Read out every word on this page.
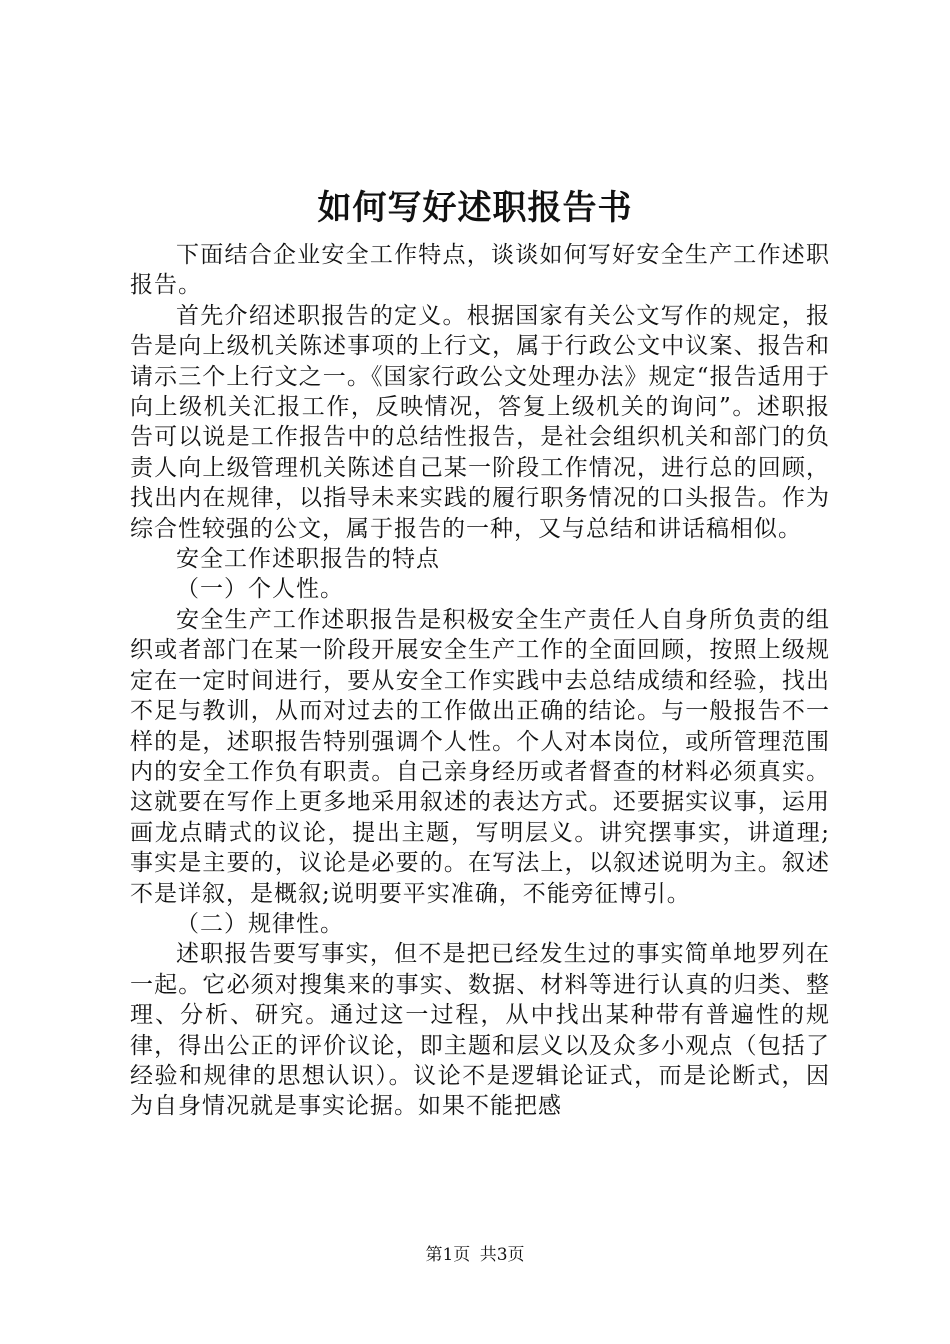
如何写好述职报告书

下面结合企业安全工作特点，谈谈如何写好安全生产工作述职报告。

首先介绍述职报告的定义。根据国家有关公文写作的规定，报告是向上级机关陈述事项的上行文，属于行政公文中议案、报告和请示三个上行文之一。《国家行政公文处理办法》规定“报告适用于向上级机关汇报工作，反映情况，答复上级机关的询问”。述职报告可以说是工作报告中的总结性报告，是社会组织机关和部门的负责人向上级管理机关陈述自己某一阶段工作情况，进行总的回顾，找出内在规律，以指导未来实践的履行职务情况的口头报告。作为综合性较强的公文，属于报告的一种，又与总结和讲话稿相似。

安全工作述职报告的特点

（一）个人性。

安全生产工作述职报告是积极安全生产责任人自身所负责的组织或者部门在某一阶段开展安全生产工作的全面回顾，按照上级规定在一定时间进行，要从安全工作实践中去总结成绩和经验，找出不足与教训，从而对过去的工作做出正确的结论。与一般报告不一样的是，述职报告特别强调个人性。个人对本岗位，或所管理范围内的安全工作负有职责。自己亲身经历或者督查的材料必须真实。这就要在写作上更多地采用叙述的表达方式。还要据实议事，运用画龙点睛式的议论，提出主题，写明层义。讲究摆事实，讲道理;事实是主要的，议论是必要的。在写法上，以叙述说明为主。叙述不是详叙，是概叙;说明要平实准确，不能旁征博引。

（二）规律性。

述职报告要写事实，但不是把已经发生过的事实简单地罗列在一起。它必须对搜集来的事实、数据、材料等进行认真的归类、整理、分析、研究。通过这一过程，从中找出某种带有普遍性的规律，得出公正的评价议论，即主题和层义以及众多小观点（包括了经验和规律的思想认识）。议论不是逻辑论证式，而是论断式，因为自身情况就是事实论据。如果不能把感

第1页 共3页
